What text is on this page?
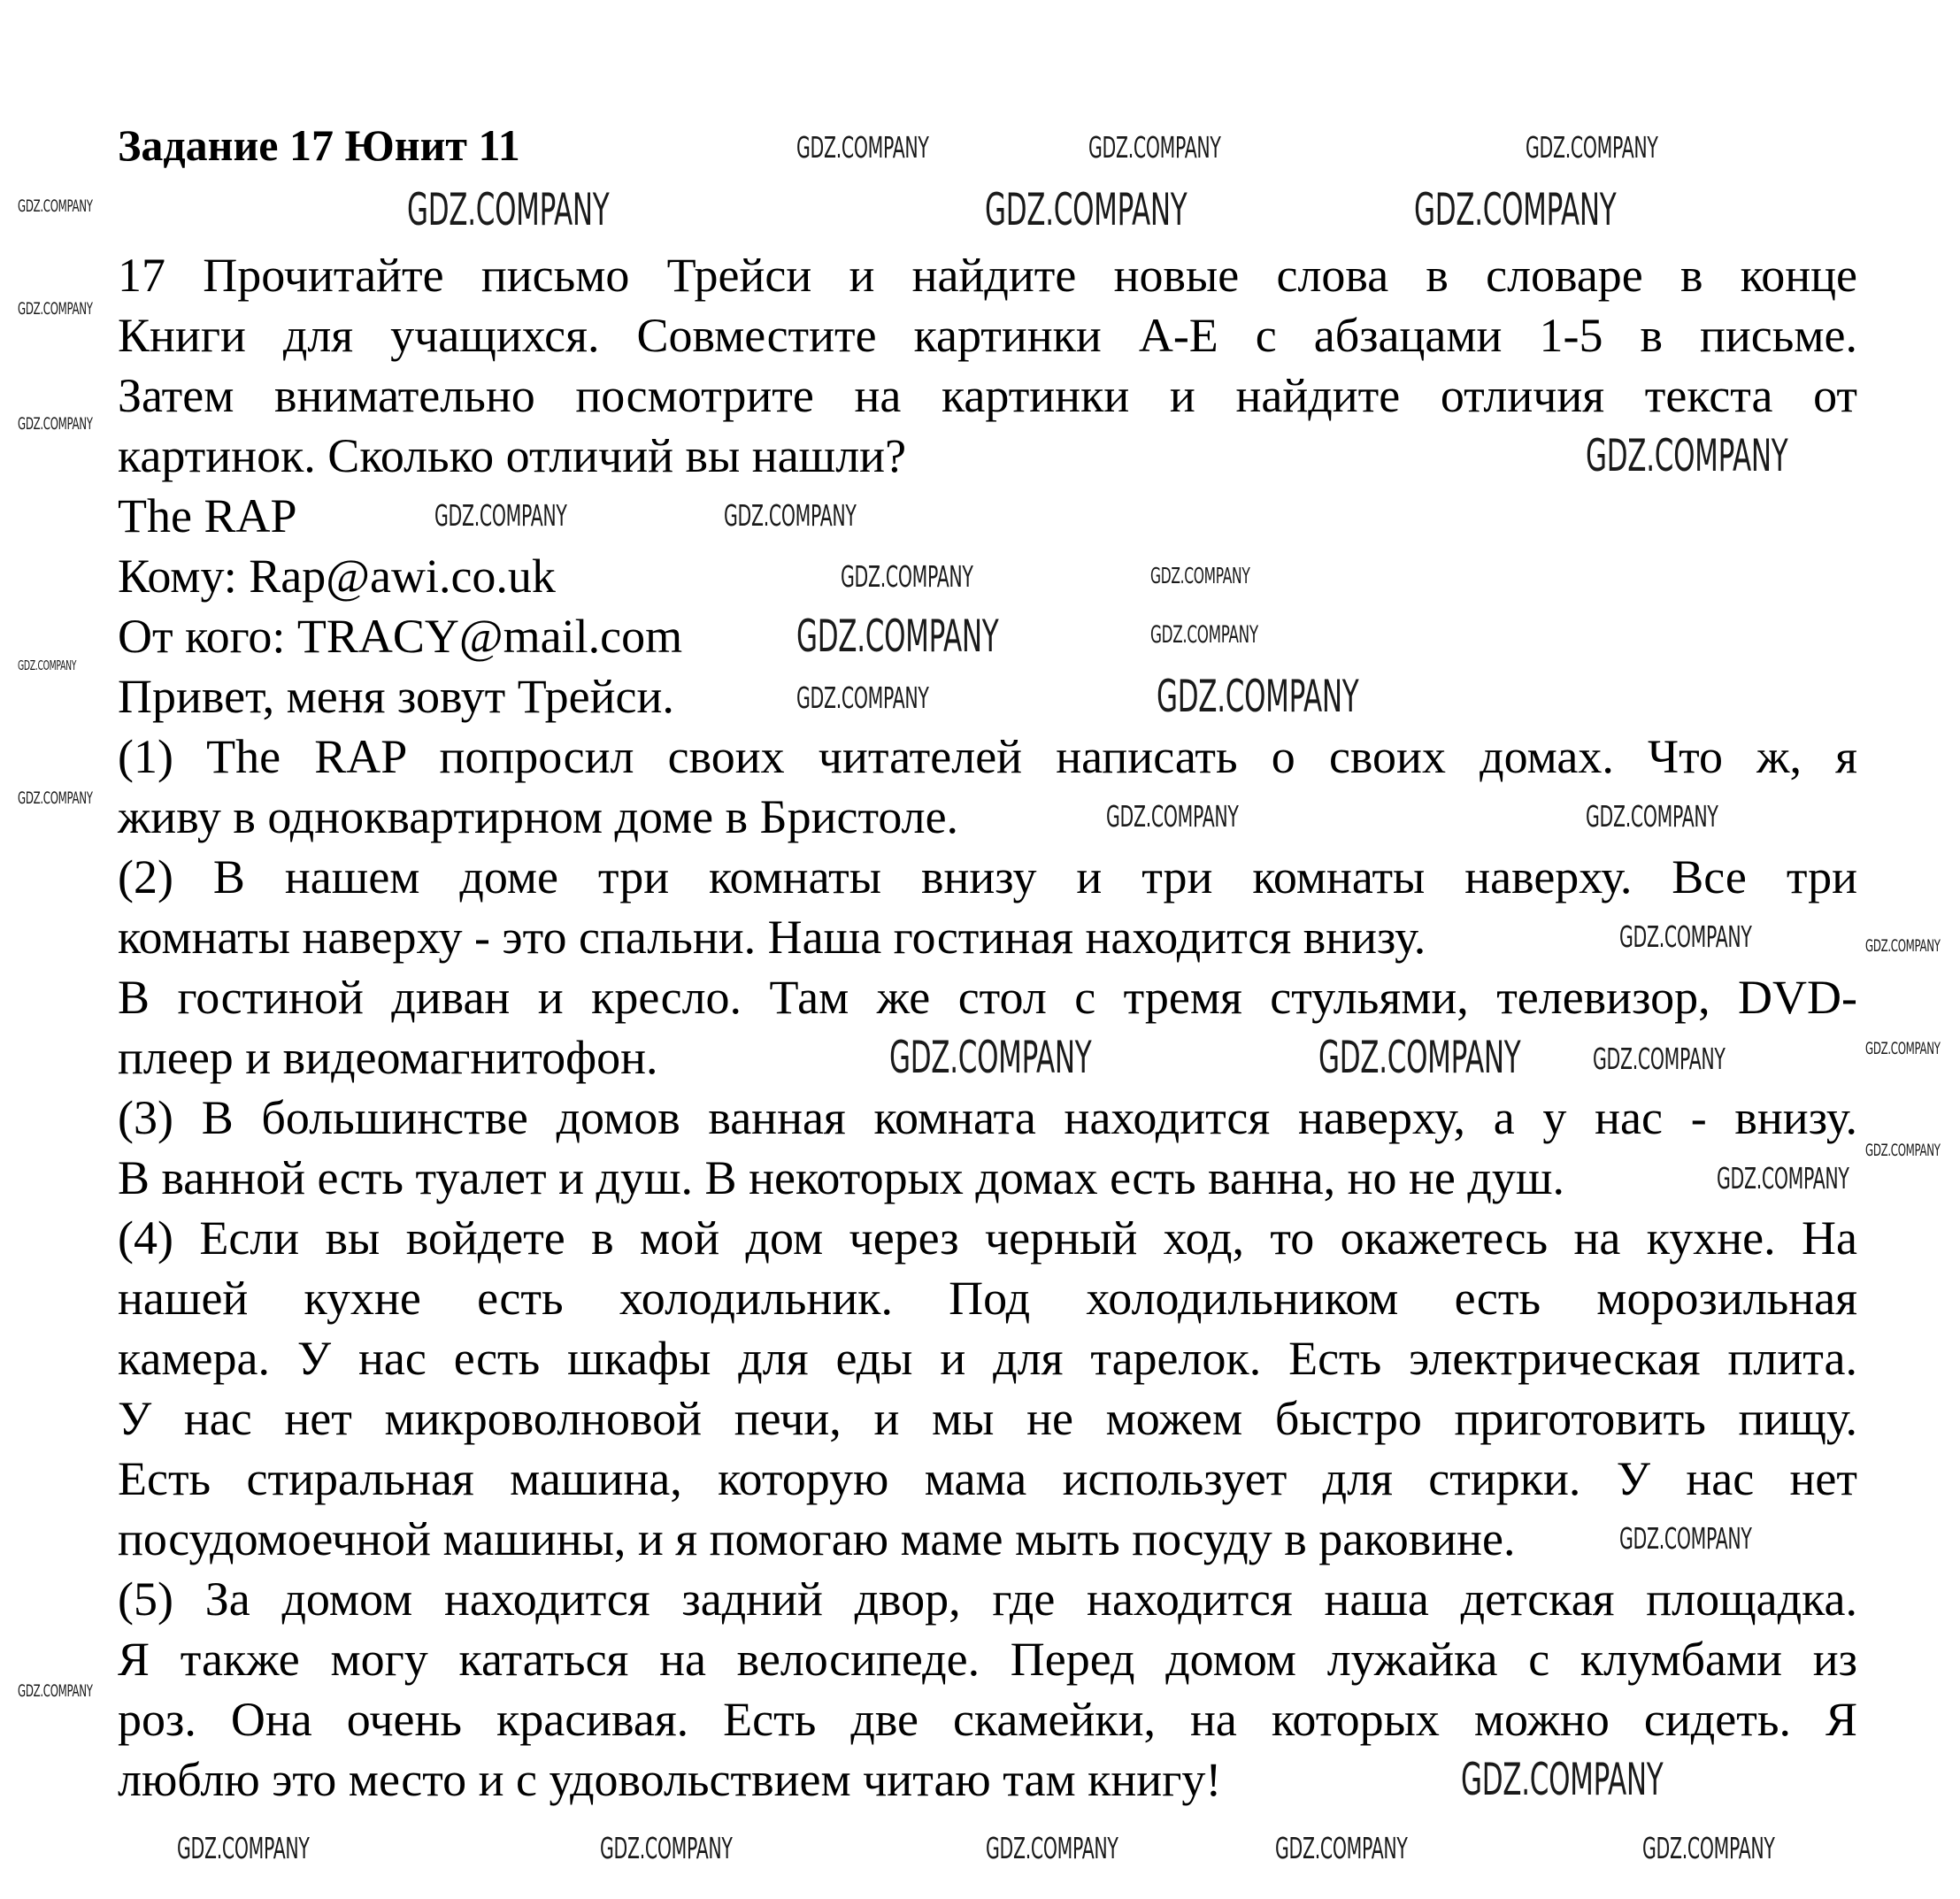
Задание 17 Юнит 11
17 Прочитайте письмо Трейси и найдите новые слова в словаре в конце
Книги для учащихся. Совместите картинки А-Е с абзацами 1-5 в письме.
Затем внимательно посмотрите на картинки и найдите отличия текста от
картинок. Сколько отличий вы нашли?
The RAP
Кому: Rap@awi.co.uk
От кого: TRACY@mail.com
Привет, меня зовут Трейси.
(1) The RAP попросил своих читателей написать о своих домах. Что ж, я
живу в одноквартирном доме в Бристоле.
(2) В нашем доме три комнаты внизу и три комнаты наверху. Все три
комнаты наверху - это спальни. Наша гостиная находится внизу.
В гостиной диван и кресло. Там же стол с тремя стульями, телевизор, DVD-
плеер и видеомагнитофон.
(3) В большинстве домов ванная комната находится наверху, а у нас - внизу.
В ванной есть туалет и душ. В некоторых домах есть ванна, но не душ.
(4) Если вы войдете в мой дом через черный ход, то окажетесь на кухне. На
нашей кухне есть холодильник. Под холодильником есть морозильная
камера. У нас есть шкафы для еды и для тарелок. Есть электрическая плита.
У нас нет микроволновой печи, и мы не можем быстро приготовить пищу.
Есть стиральная машина, которую мама использует для стирки. У нас нет
посудомоечной машины, и я помогаю маме мыть посуду в раковине.
(5) За домом находится задний двор, где находится наша детская площадка.
Я также могу кататься на велосипеде. Перед домом лужайка с клумбами из
роз. Она очень красивая. Есть две скамейки, на которых можно сидеть. Я
люблю это место и с удовольствием читаю там книгу!
GDZ.COMPANY	GDZ.COMPANY	GDZ.COMPANY
GDZ.COMPANY
GDZ.COMPANY
GDZ.COMPANY
GDZ.COMPANY	GDZ.COMPANY
GDZ.COMPANY
GDZ.COMPANY	GDZ.COMPANY
GDZ.COMPANY
GDZ.COMPANY	GDZ.COMPANY
GDZ.COMPANY
GDZ.COMPANY
GDZ.COMPANY
GDZ.COMPANY	GDZ.COMPANY	GDZ.COMPANY	GDZ.COMPANY
GDZ.COMPANY
GDZ.COMPANY
GDZ.COMPANY	GDZ.COMPANY
GDZ.COMPANY
GDZ.COMPANY
GDZ.COMPANY
GDZ.COMPANY
GDZ.COMPANY
GDZ.COMPANY
GDZ.COMPANY
GDZ.COMPANY
GDZ.COMPANY
GDZ.COMPANY
GDZ.COMPANY
GDZ.COMPANY
GDZ.COMPANY
